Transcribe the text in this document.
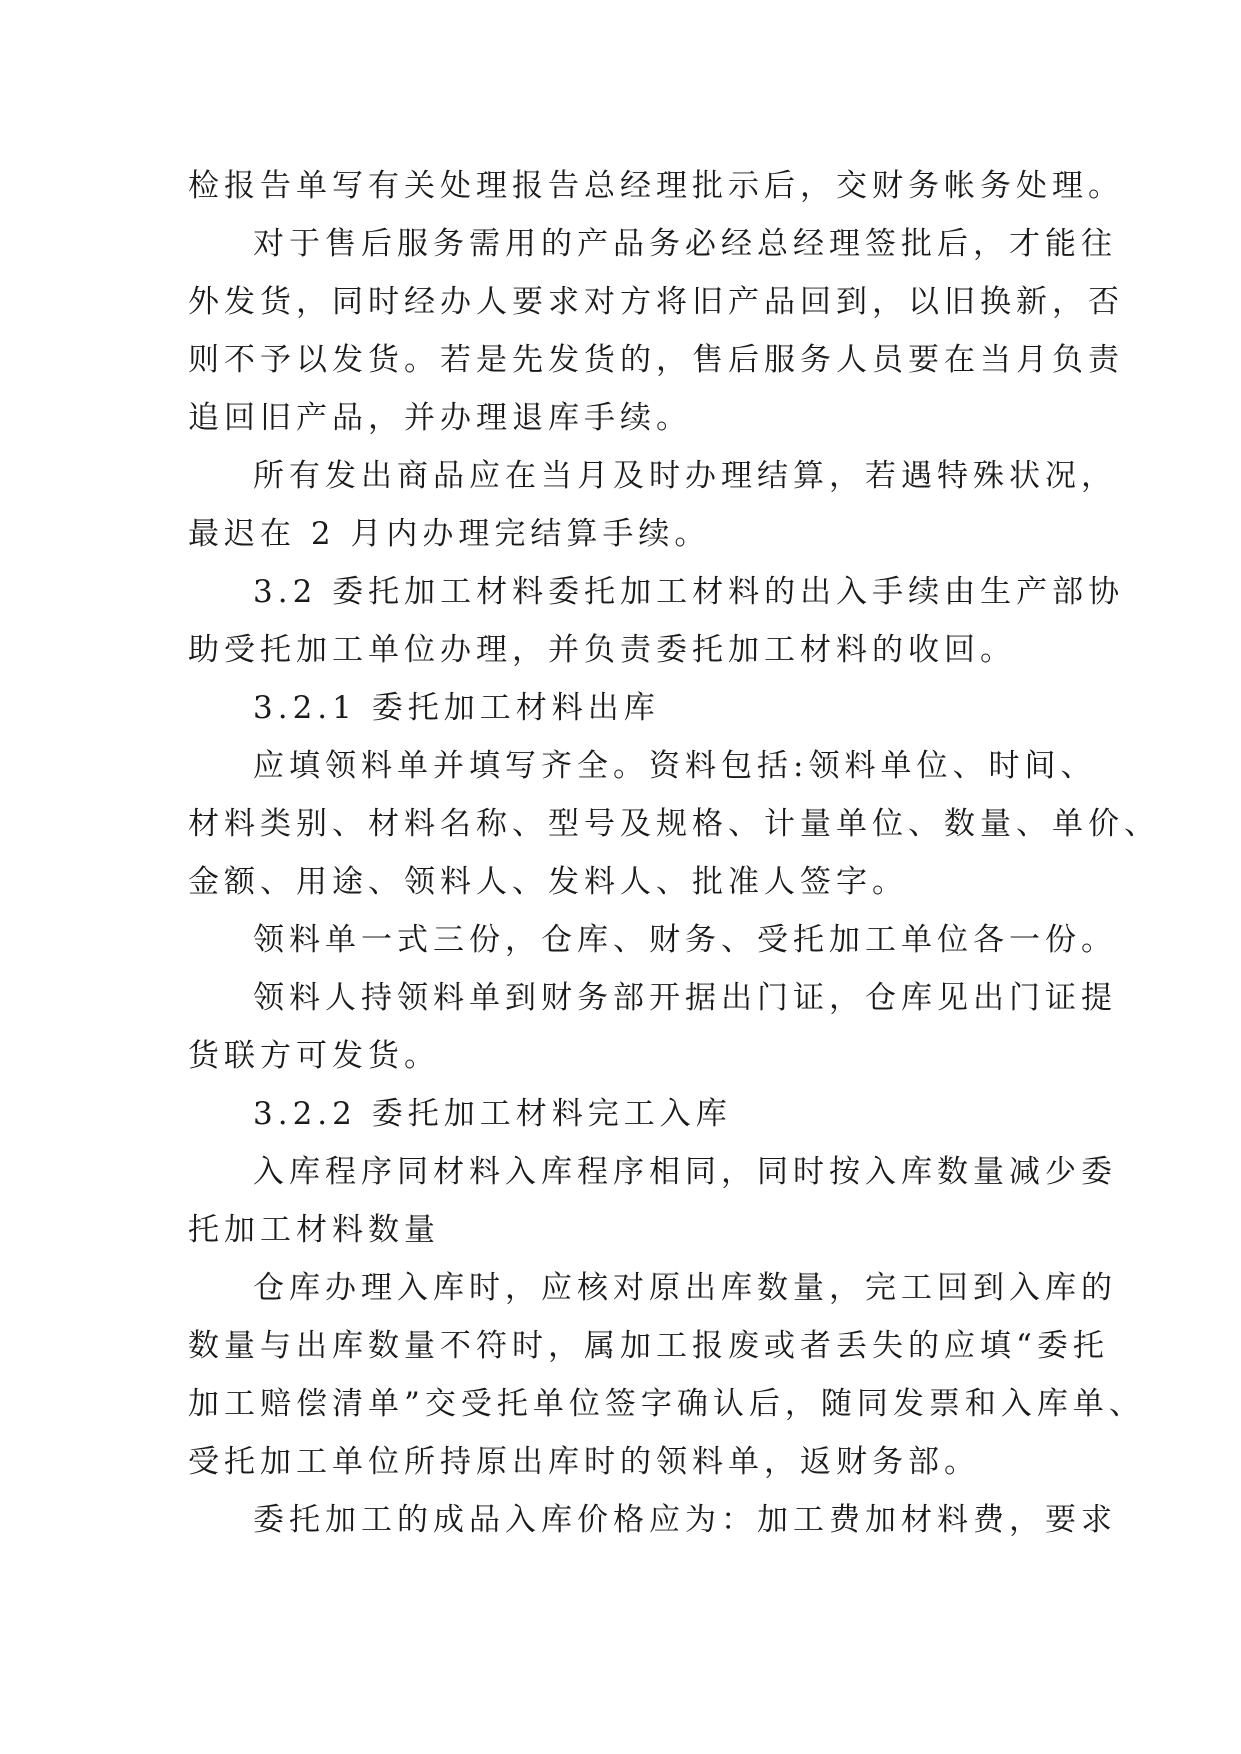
检报告单写有关处理报告总经理批示后，交财务帐务处理。
对于售后服务需用的产品务必经总经理签批后，才能往
外发货，同时经办人要求对方将旧产品回到，以旧换新，否
则不予以发货。若是先发货的，售后服务人员要在当月负责
追回旧产品，并办理退库手续。
所有发出商品应在当月及时办理结算，若遇特殊状况，
最迟在 2 月内办理完结算手续。
3.2 委托加工材料委托加工材料的出入手续由生产部协
助受托加工单位办理，并负责委托加工材料的收回。
3.2.1 委托加工材料出库
应填领料单并填写齐全。资料包括:领料单位、时间、
材料类别、材料名称、型号及规格、计量单位、数量、单价、
金额、用途、领料人、发料人、批准人签字。
领料单一式三份，仓库、财务、受托加工单位各一份。
领料人持领料单到财务部开据出门证，仓库见出门证提
货联方可发货。
3.2.2 委托加工材料完工入库
入库程序同材料入库程序相同，同时按入库数量减少委
托加工材料数量
仓库办理入库时，应核对原出库数量，完工回到入库的
数量与出库数量不符时，属加工报废或者丢失的应填“委托
加工赔偿清单”交受托单位签字确认后，随同发票和入库单、
受托加工单位所持原出库时的领料单，返财务部。
委托加工的成品入库价格应为：加工费加材料费，要求
